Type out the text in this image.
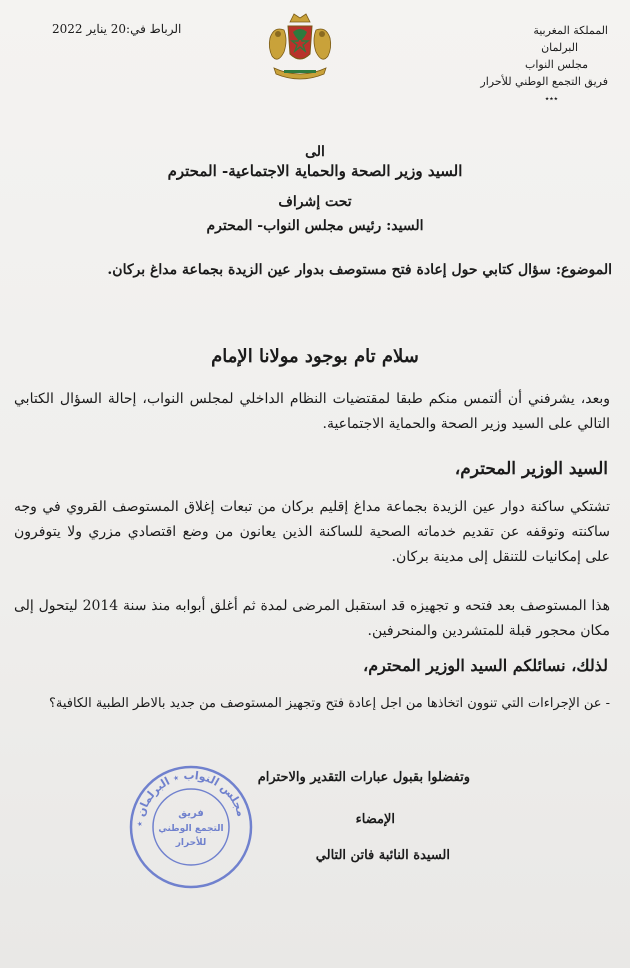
المملكة المغربية
البرلمان
مجلس النواب
فريق التجمع الوطني للأحرار
٭٭٭
الرباط في:20 يناير 2022
الى
السيد وزير الصحة والحماية الاجتماعية- المحترم
تحت إشراف
السيد: رئيس مجلس النواب- المحترم
الموضوع: سؤال كتابي حول إعادة فتح مستوصف بدوار عين الزيدة بجماعة مداغ بركان.
سلام تام بوجود مولانا الإمام
وبعد، يشرفني أن ألتمس منكم طبقا لمقتضيات النظام الداخلي لمجلس النواب، إحالة السؤال الكتابي التالي على السيد وزير الصحة والحماية الاجتماعية.
السيد الوزير المحترم،
تشتكي ساكنة دوار عين الزيدة بجماعة مداغ إقليم بركان من تبعات إغلاق المستوصف القروي في وجه ساكنته وتوقفه عن تقديم خدماته الصحية للساكنة الذين يعانون من وضع اقتصادي مزري ولا يتوفرون على إمكانيات للتنقل إلى مدينة بركان.
هذا المستوصف بعد فتحه و تجهيزه قد استقبل المرضى لمدة ثم أغلق أبوابه منذ سنة 2014 ليتحول إلى مكان محجور قبلة للمتشردين والمنحرفين.
لذلك، نسائلكم السيد الوزير المحترم،
- عن الإجراءات التي تنوون اتخاذها من اجل إعادة فتح وتجهيز المستوصف من جديد بالاطر الطبية الكافية؟
وتفضلوا بقبول عبارات التقدير والاحترام
الإمضاء
السيدة النائبة فاتن التالي
مجلس النواب ٭ البرلمان ٭
فريق
التجمع الوطني
للأحرار
